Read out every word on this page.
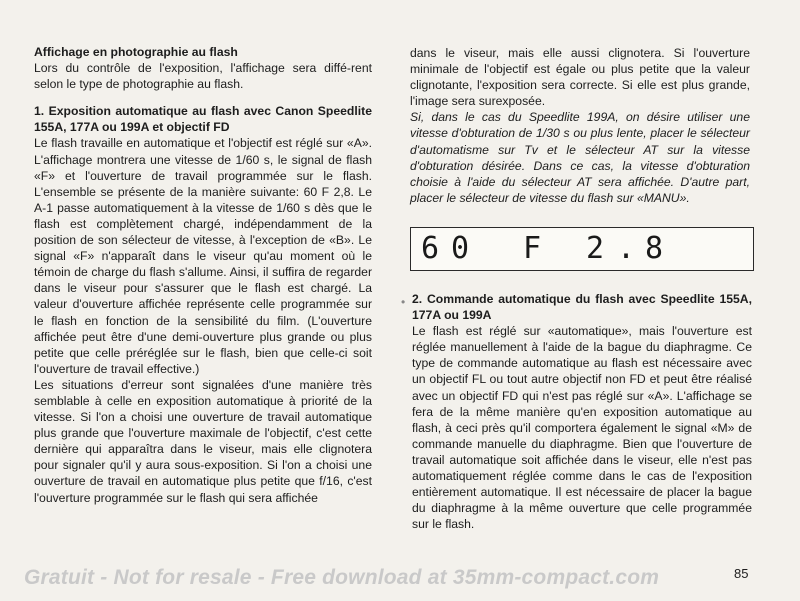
Affichage en photographie au flash

Lors du contrôle de l'exposition, l'affichage sera diffé-rent selon le type de photographie au flash.

1. Exposition automatique au flash avec Canon Speedlite 155A, 177A ou 199A et objectif FD

Le flash travaille en automatique et l'objectif est réglé sur «A». L'affichage montrera une vitesse de 1/60 s, le signal de flash «F» et l'ouverture de travail programmée sur le flash. L'ensemble se présente de la manière suivante: 60 F 2,8. Le A-1 passe automatiquement à la vitesse de 1/60 s dès que le flash est complètement chargé, indépendamment de la position de son sélecteur de vitesse, à l'exception de «B». Le signal «F» n'apparaît dans le viseur qu'au moment où le témoin de charge du flash s'allume. Ainsi, il suffira de regarder dans le viseur pour s'assurer que le flash est chargé. La valeur d'ouverture affichée représente celle programmée sur le flash en fonction de la sensibilité du film. (L'ouverture affichée peut être d'une demi-ouverture plus grande ou plus petite que celle préréglée sur le flash, bien que celle-ci soit l'ouverture de travail effective.)

Les situations d'erreur sont signalées d'une manière très semblable à celle en exposition automatique à priorité de la vitesse. Si l'on a choisi une ouverture de travail automatique plus grande que l'ouverture maximale de l'objectif, c'est cette dernière qui apparaîtra dans le viseur, mais elle clignotera pour signaler qu'il y aura sous-exposition. Si l'on a choisi une ouverture de travail en automatique plus petite que f/16, c'est l'ouverture programmée sur le flash qui sera affichée

dans le viseur, mais elle aussi clignotera. Si l'ouverture minimale de l'objectif est égale ou plus petite que la valeur clignotante, l'exposition sera correcte. Si elle est plus grande, l'image sera surexposée.

Si, dans le cas du Speedlite 199A, on désire utiliser une vitesse d'obturation de 1/30 s ou plus lente, placer le sélecteur d'automatisme sur Tv et le sélecteur AT sur la vitesse d'obturation désirée. Dans ce cas, la vitesse d'obturation choisie à l'aide du sélecteur AT sera affichée. D'autre part, placer le sélecteur de vitesse du flash sur «MANU».

6 0 F 2 . 8
• 2. Commande automatique du flash avec Speedlite 155A, 177A ou 199A

Le flash est réglé sur «automatique», mais l'ouverture est réglée manuellement à l'aide de la bague du diaphragme. Ce type de commande automatique au flash est nécessaire avec un objectif FL ou tout autre objectif non FD et peut être réalisé avec un objectif FD qui n'est pas réglé sur «A». L'affichage se fera de la même manière qu'en exposition automatique au flash, à ceci près qu'il comportera également le signal «M» de commande manuelle du diaphragme. Bien que l'ouverture de travail automatique soit affichée dans le viseur, elle n'est pas automatiquement réglée comme dans le cas de l'exposition entièrement automatique. Il est nécessaire de placer la bague du diaphragme à la même ouverture que celle programmée sur le flash.

Gratuit - Not for resale - Free download at 35mm-compact.com	85
